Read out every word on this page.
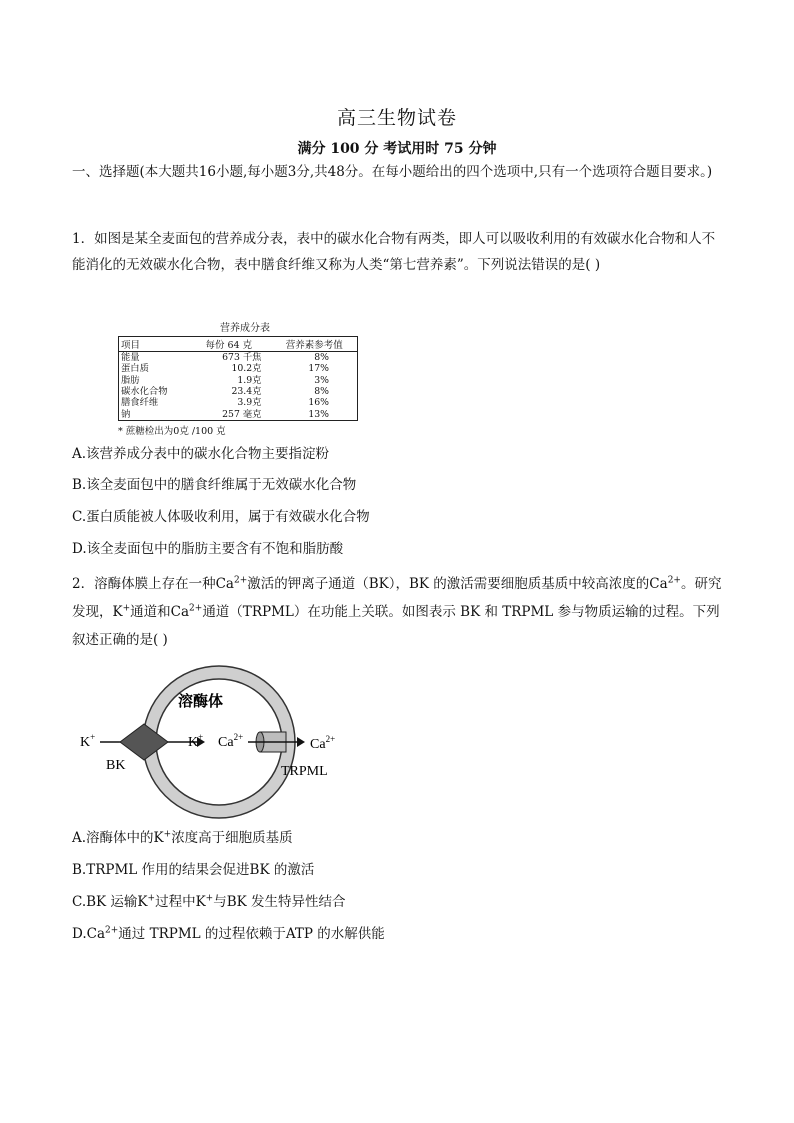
高三生物试卷
满分 100 分 考试用时 75 分钟
一、选择题(本大题共16小题,每小题3分,共48分。在每小题给出的四个选项中,只有一个选项符合题目要求。)
1．如图是某全麦面包的营养成分表，表中的碳水化合物有两类，即人可以吸收利用的有效碳水化合物和人不能消化的无效碳水化合物，表中膳食纤维又称为人类“第七营养素”。下列说法错误的是( )
营养成分表
项目	每份 64 克	营养素参考值
能量	673 千焦	8%
蛋白质	10.2克	17%
脂肪	1.9克	3%
碳水化合物	23.4克	8%
膳食纤维	3.9克	16%
钠	257 毫克	13%
* 蔗糖检出为0克 /100 克
A.该营养成分表中的碳水化合物主要指淀粉
B.该全麦面包中的膳食纤维属于无效碳水化合物
C.蛋白质能被人体吸收利用，属于有效碳水化合物
D.该全麦面包中的脂肪主要含有不饱和脂肪酸
2．溶酶体膜上存在一种$Ca^{2+}$激活的钾离子通道（BK），BK 的激活需要细胞质基质中较高浓度的$Ca^{2+}$。研究发现，K+通道和$Ca^{2+}$通道（TRPML）在功能上关联。如图表示 BK 和 TRPML 参与物质运输的过程。下列叙述正确的是( )
溶酶体
K+	K+
BK
$Ca^{2+}$	$Ca^{2+}$
TRPML
A.溶酶体中的K+浓度高于细胞质基质
B.TRPML 作用的结果会促进BK 的激活
C.BK 运输K+过程中K+与BK 发生特异性结合
$D.Ca^{2+}$通过 TRPML 的过程依赖于ATP 的水解供能
